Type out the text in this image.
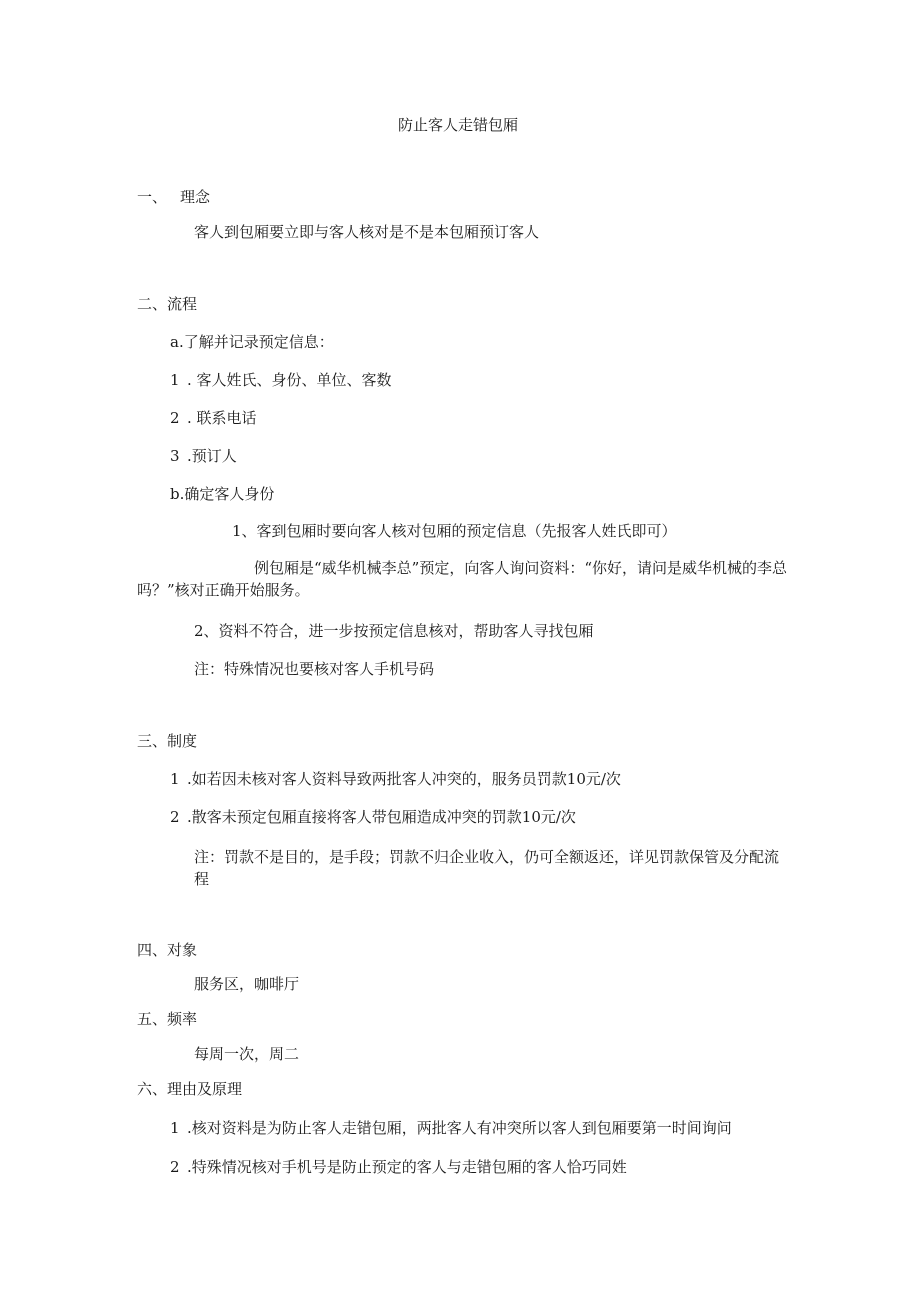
防止客人走错包厢
一、 理念
客人到包厢要立即与客人核对是不是本包厢预订客人
二、流程
a.了解并记录预定信息：
1 . 客人姓氏、身份、单位、客数
2 . 联系电话
3 .预订人
b.确定客人身份
1、客到包厢时要向客人核对包厢的预定信息（先报客人姓氏即可）
例包厢是“威华机械李总”预定，向客人询问资料：“你好，请问是威华机械的李总吗？”核对正确开始服务。
2、资料不符合，进一步按预定信息核对，帮助客人寻找包厢
注：特殊情况也要核对客人手机号码
三、制度
1 .如若因未核对客人资料导致两批客人冲突的，服务员罚款10元/次
2 .散客未预定包厢直接将客人带包厢造成冲突的罚款10元/次
注：罚款不是目的，是手段；罚款不归企业收入，仍可全额返还，详见罚款保管及分配流程
四、对象
服务区，咖啡厅
五、频率
每周一次，周二
六、理由及原理
1 .核对资料是为防止客人走错包厢，两批客人有冲突所以客人到包厢要第一时间询问
2 .特殊情况核对手机号是防止预定的客人与走错包厢的客人恰巧同姓
